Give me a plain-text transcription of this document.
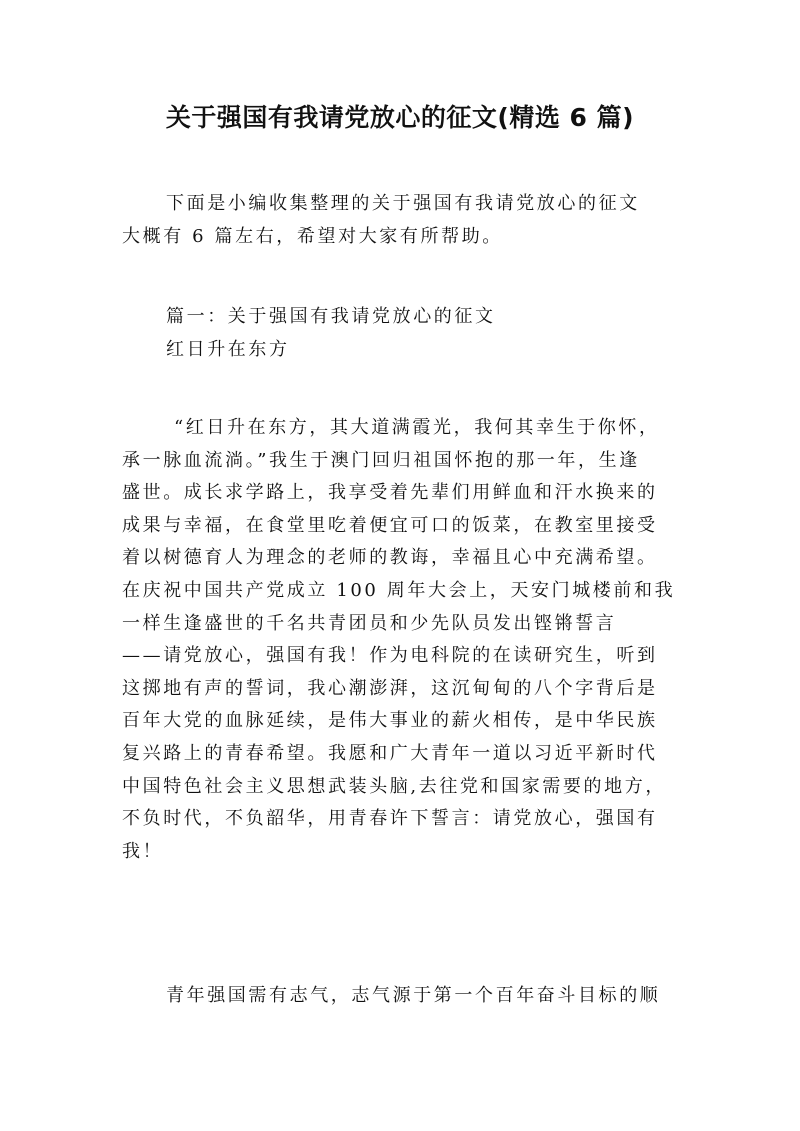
关于强国有我请党放心的征文(精选 6 篇)
下面是小编收集整理的关于强国有我请党放心的征文
大概有 6 篇左右，希望对大家有所帮助。
篇一：关于强国有我请党放心的征文
红日升在东方
“红日升在东方，其大道满霞光，我何其幸生于你怀，
承一脉血流淌。”我生于澳门回归祖国怀抱的那一年，生逢
盛世。成长求学路上，我享受着先辈们用鲜血和汗水换来的
成果与幸福，在食堂里吃着便宜可口的饭菜，在教室里接受
着以树德育人为理念的老师的教诲，幸福且心中充满希望。
在庆祝中国共产党成立 100 周年大会上，天安门城楼前和我
一样生逢盛世的千名共青团员和少先队员发出铿锵誓言
——请党放心，强国有我！作为电科院的在读研究生，听到
这掷地有声的誓词，我心潮澎湃，这沉甸甸的八个字背后是
百年大党的血脉延续，是伟大事业的薪火相传，是中华民族
复兴路上的青春希望。我愿和广大青年一道以习近平新时代
中国特色社会主义思想武装头脑,去往党和国家需要的地方，
不负时代，不负韶华，用青春许下誓言：请党放心，强国有
我！
青年强国需有志气，志气源于第一个百年奋斗目标的顺
